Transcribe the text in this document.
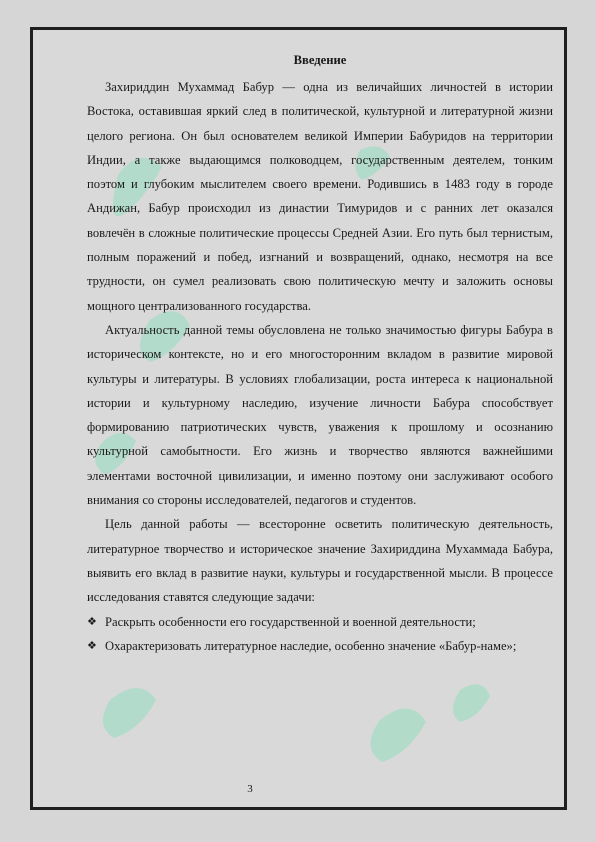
Введение

Захириддин Мухаммад Бабур — одна из величайших личностей в истории Востока, оставившая яркий след в политической, культурной и литературной жизни целого региона. Он был основателем великой Империи Бабуридов на территории Индии, а также выдающимся полководцем, государственным деятелем, тонким поэтом и глубоким мыслителем своего времени. Родившись в 1483 году в городе Андижан, Бабур происходил из династии Тимуридов и с ранних лет оказался вовлечён в сложные политические процессы Средней Азии. Его путь был тернистым, полным поражений и побед, изгнаний и возвращений, однако, несмотря на все трудности, он сумел реализовать свою политическую мечту и заложить основы мощного централизованного государства.

Актуальность данной темы обусловлена не только значимостью фигуры Бабура в историческом контексте, но и его многосторонним вкладом в развитие мировой культуры и литературы. В условиях глобализации, роста интереса к национальной истории и культурному наследию, изучение личности Бабура способствует формированию патриотических чувств, уважения к прошлому и осознанию культурной самобытности. Его жизнь и творчество являются важнейшими элементами восточной цивилизации, и именно поэтому они заслуживают особого внимания со стороны исследователей, педагогов и студентов.

Цель данной работы — всесторонне осветить политическую деятельность, литературное творчество и историческое значение Захириддина Мухаммада Бабура, выявить его вклад в развитие науки, культуры и государственной мысли. В процессе исследования ставятся следующие задачи:

❖ Раскрыть особенности его государственной и военной деятельности;
❖ Охарактеризовать литературное наследие, особенно значение «Бабур-наме»;
3
